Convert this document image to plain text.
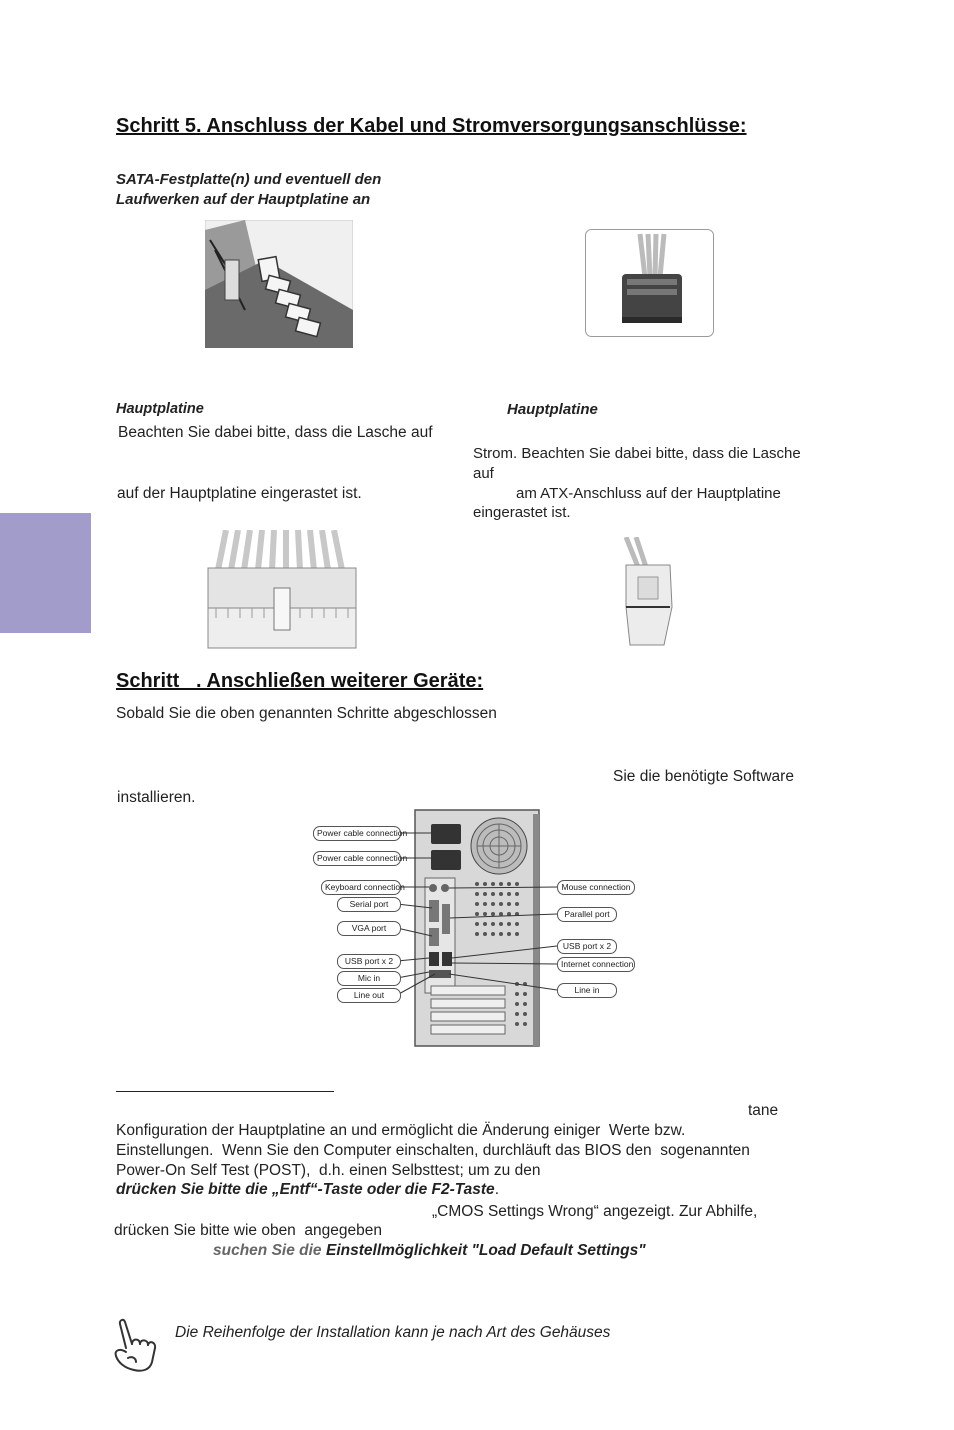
Schritt 5. Anschluss der Kabel und Stromversorgungsanschlüsse:
SATA-Festplatte(n) und eventuell den
Laufwerken auf der Hauptplatine an
Hauptplatine	Hauptplatine
Beachten Sie dabei bitte, dass die Lasche auf
auf der Hauptplatine eingerastet ist.
Strom. Beachten Sie dabei bitte, dass die Lasche
auf
am ATX-Anschluss auf der Hauptplatine
eingerastet ist.
Schritt   . Anschließen weiterer Geräte:
Sobald Sie die oben genannten Schritte abgeschlossen
Sie die benötigte Software
installieren.
Power cable connection
Power cable connection
Keyboard connection
Serial port
VGA port
USB port x 2
Mic in
Line out
Mouse connection
Parallel port
USB port x 2
Internet connection
Line in
tane
Konfiguration der Hauptplatine an und ermöglicht die Änderung einiger  Werte bzw.
Einstellungen.  Wenn Sie den Computer einschalten, durchläuft das BIOS den  sogenannten
Power-On Self Test (POST),  d.h. einen Selbsttest; um zu den
drücken Sie bitte die „Entf“-Taste oder die F2-Taste.
„CMOS Settings Wrong“ angezeigt. Zur Abhilfe,
drücken Sie bitte wie oben  angegeben
suchen Sie die Einstellmöglichkeit "Load Default Settings"
Die Reihenfolge der Installation kann je nach Art des Gehäuses
